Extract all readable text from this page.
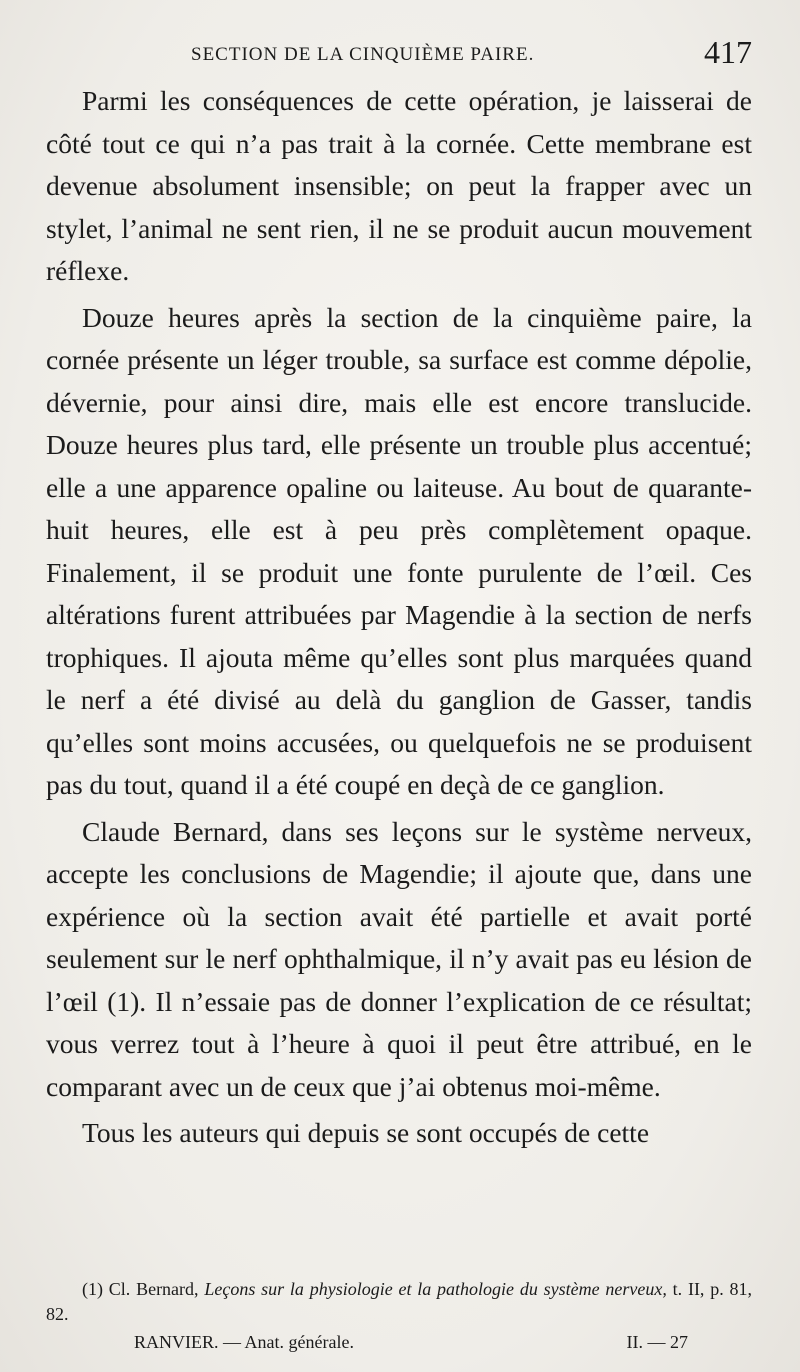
SECTION DE LA CINQUIÈME PAIRE.	417

Parmi les conséquences de cette opération, je laisserai de côté tout ce qui n’a pas trait à la cornée. Cette membrane est devenue absolument insensible; on peut la frapper avec un stylet, l’animal ne sent rien, il ne se produit aucun mouvement réflexe.

Douze heures après la section de la cinquième paire, la cornée présente un léger trouble, sa surface est comme dépolie, dévernie, pour ainsi dire, mais elle est encore translucide. Douze heures plus tard, elle présente un trouble plus accentué; elle a une apparence opaline ou laiteuse. Au bout de quarante-huit heures, elle est à peu près complètement opaque. Finalement, il se produit une fonte purulente de l’œil. Ces altérations furent attribuées par Magendie à la section de nerfs trophiques. Il ajouta même qu’elles sont plus marquées quand le nerf a été divisé au delà du ganglion de Gasser, tandis qu’elles sont moins accusées, ou quelquefois ne se produisent pas du tout, quand il a été coupé en deçà de ce ganglion.

Claude Bernard, dans ses leçons sur le système nerveux, accepte les conclusions de Magendie; il ajoute que, dans une expérience où la section avait été partielle et avait porté seulement sur le nerf ophthalmique, il n’y avait pas eu lésion de l’œil (1). Il n’essaie pas de donner l’explication de ce résultat; vous verrez tout à l’heure à quoi il peut être attribué, en le comparant avec un de ceux que j’ai obtenus moi-même.

Tous les auteurs qui depuis se sont occupés de cette

(1) Cl. Bernard, Leçons sur la physiologie et la pathologie du système nerveux, t. II, p. 81, 82.
RANVIER. — Anat. générale.	II. — 27
